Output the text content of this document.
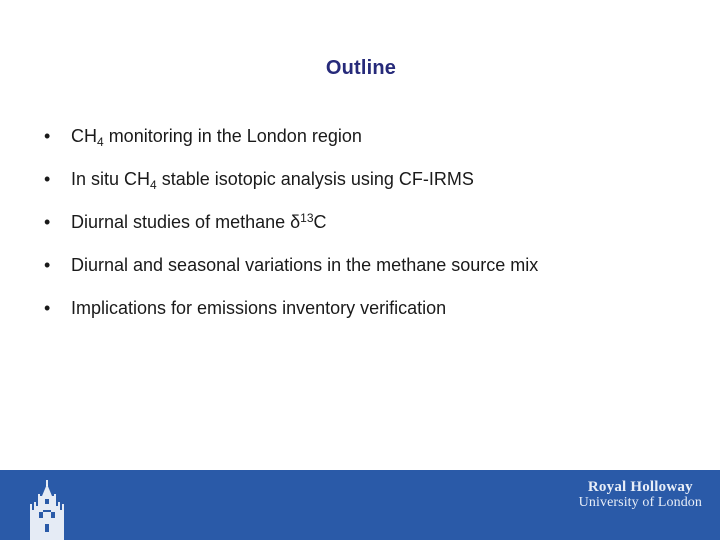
Outline
•	$CH_4$ monitoring in the London region
•	In situ $CH_4$ stable isotopic analysis using CF-IRMS
•	Diurnal studies of methane $\delta^{13}C$
•	Diurnal and seasonal variations in the methane source mix
•	Implications for emissions inventory verification
Royal Holloway
University of London
